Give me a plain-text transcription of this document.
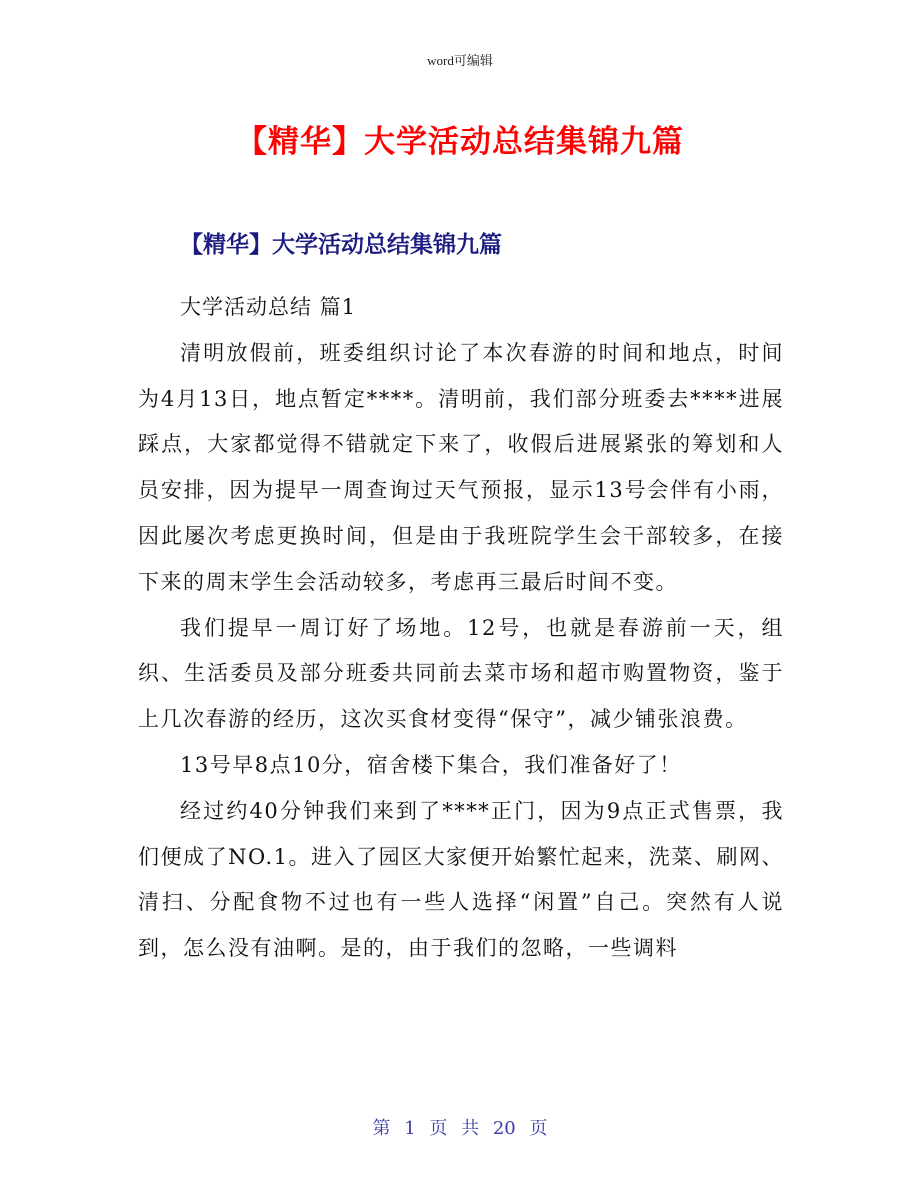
word可编辑
【精华】大学活动总结集锦九篇
【精华】大学活动总结集锦九篇

大学活动总结 篇1

清明放假前，班委组织讨论了本次春游的时间和地点，时间为4月13日，地点暂定****。清明前，我们部分班委去****进展踩点，大家都觉得不错就定下来了，收假后进展紧张的筹划和人员安排，因为提早一周查询过天气预报，显示13号会伴有小雨，因此屡次考虑更换时间，但是由于我班院学生会干部较多，在接下来的周末学生会活动较多，考虑再三最后时间不变。

我们提早一周订好了场地。12号，也就是春游前一天，组织、生活委员及部分班委共同前去菜市场和超市购置物资，鉴于上几次春游的经历，这次买食材变得“保守”，减少铺张浪费。

13号早8点10分，宿舍楼下集合，我们准备好了！

经过约40分钟我们来到了****正门，因为9点正式售票，我们便成了NO.1。进入了园区大家便开始繁忙起来，洗菜、刷网、清扫、分配食物不过也有一些人选择“闲置”自己。突然有人说到，怎么没有油啊。是的，由于我们的忽略，一些调料

第 1 页 共 20 页
